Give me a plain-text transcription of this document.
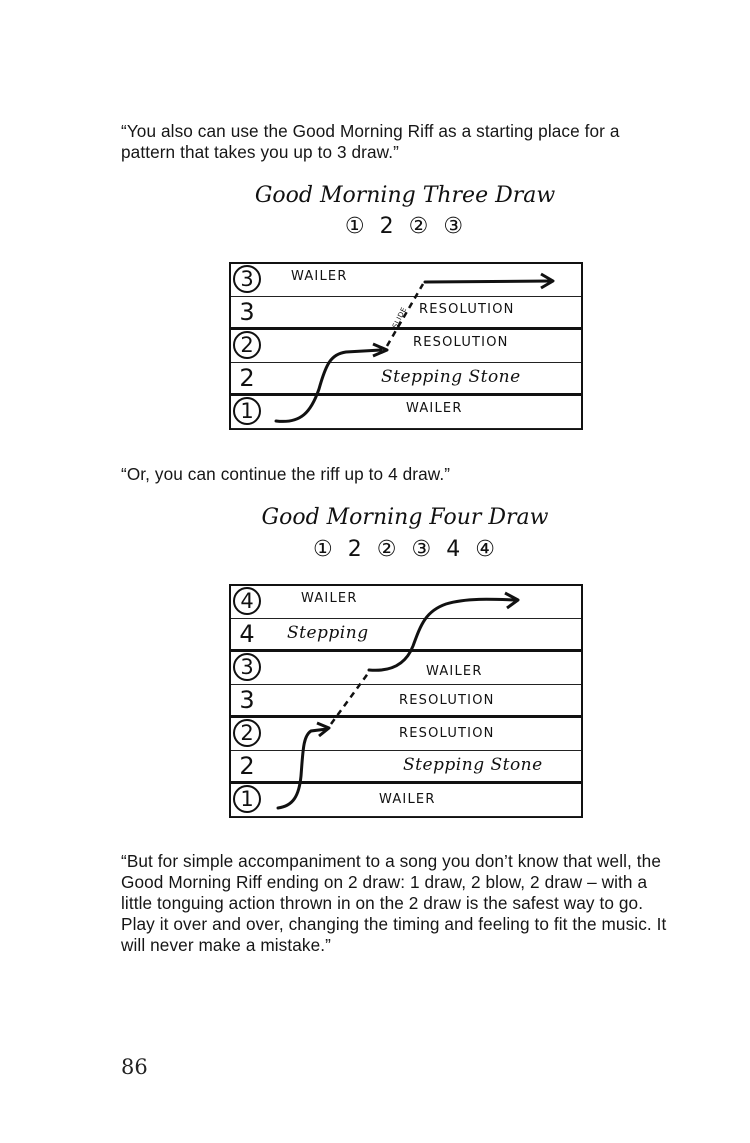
“You also can use the Good Morning Riff as a starting place for a pattern that takes you up to 3 draw.”

Good Morning Three Draw
① 2 ② ③
3	WAILER
3	RESOLUTION
2	RESOLUTION
2	Stepping Stone
1	WAILER
SLIDE

“Or, you can continue the riff up to 4 draw.”

Good Morning Four Draw
① 2 ② ③ 4 ④
4	WAILER
4	Stepping
3	WAILER
3	RESOLUTION
2	RESOLUTION
2	Stepping Stone
1	WAILER

“But for simple accompaniment to a song you don’t know that well, the Good Morning Riff ending on 2 draw: 1 draw, 2 blow, 2 draw – with a little tonguing action thrown in on the 2 draw is the safest way to go. Play it over and over, changing the timing and feeling to fit the music. It will never make a mistake.”

86
